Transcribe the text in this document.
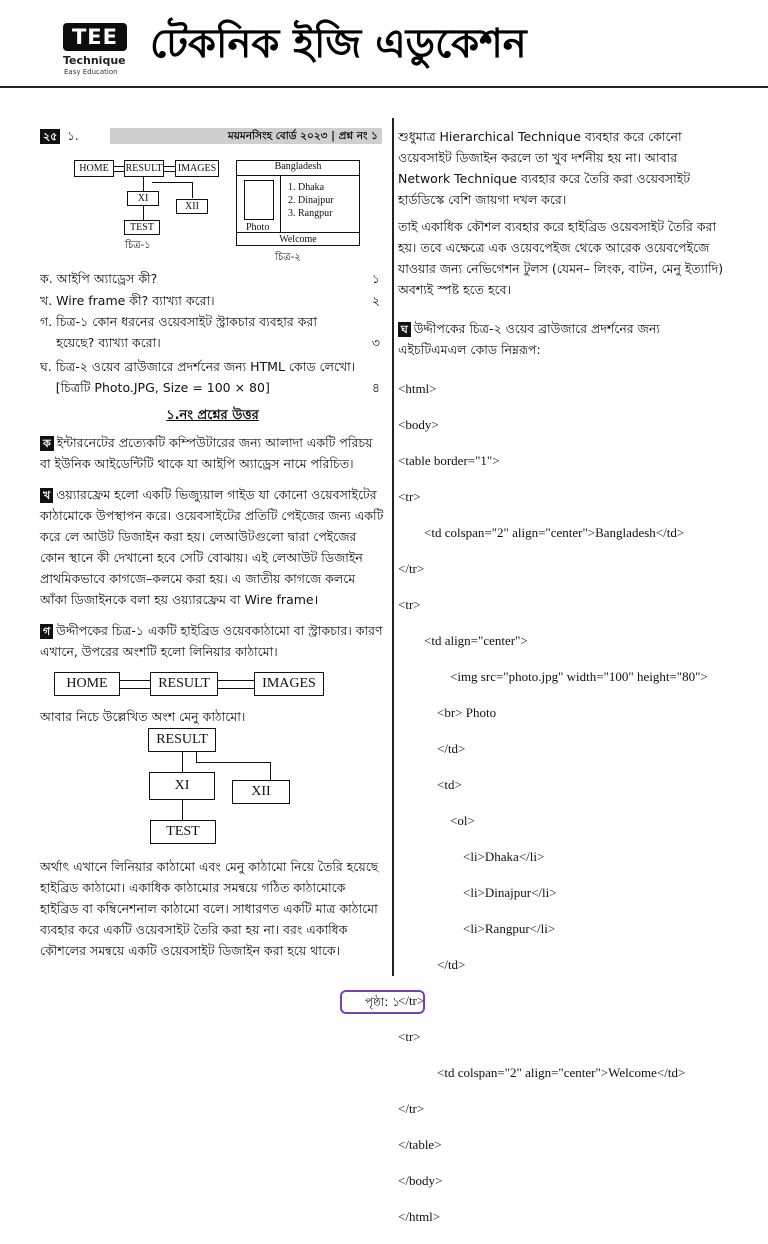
TEE
Technique
Easy Education
টেকনিক ইজি এডুকেশন
২৫ ১.	ময়মনসিংহ বোর্ড ২০২৩ | প্রশ্ন নং ১
HOME	RESULT IMAGES
XI
XII
TEST
চিত্র-১
Bangladesh
Photo
1. Dhaka
2. Dinajpur
3. Rangpur
Welcome
চিত্র-২
ক. আইপি অ্যাড্রেস কী?	১
খ. Wire frame কী? ব্যাখ্যা করো।	২
গ. চিত্র-১ কোন ধরনের ওয়েবসাইট স্ট্রাকচার ব্যবহার করা হয়েছে? ব্যাখ্যা করো।	৩
ঘ. চিত্র-২ ওয়েব ব্রাউজারে প্রদর্শনের জন্য HTML কোড লেখো। [চিত্রটি Photo.JPG, Size = 100 × 80]	৪
১.নং প্রশ্নের উত্তর
ক ইন্টারনেটের প্রত্যেকটি কম্পিউটারের জন্য আলাদা একটি পরিচয় বা ইউনিক আইডেন্টিটি থাকে যা আইপি অ্যাড্রেস নামে পরিচিত।
খ ওয়্যারফ্রেম হলো একটি ভিজ্যুয়াল গাইড যা কোনো ওয়েবসাইটের কাঠামোকে উপস্থাপন করে। ওয়েবসাইটের প্রতিটি পেইজের জন্য একটি করে লে আউট ডিজাইন করা হয়। লেআউটগুলো দ্বারা পেইজের কোন স্থানে কী দেখানো হবে সেটি বোঝায়। এই লেআউট ডিজাইন প্রাথমিকভাবে কাগজে–কলমে করা হয়। এ জাতীয় কাগজে কলমে আঁকা ডিজাইনকে বলা হয় ওয়্যারফ্রেম বা Wire frame।
গ উদ্দীপকের চিত্র-১ একটি হাইব্রিড ওয়েবকাঠামো বা স্ট্রাকচার। কারণ এখানে, উপরের অংশটি হলো লিনিয়ার কাঠামো।
HOME	RESULT	IMAGES
আবার নিচে উল্লেখিত অংশ মেনু কাঠামো।
RESULT
XI	XII
TEST
অর্থাৎ এখানে লিনিয়ার কাঠামো এবং মেনু কাঠামো নিয়ে তৈরি হয়েছে হাইব্রিড কাঠামো। একাধিক কাঠামোর সমন্বয়ে গঠিত কাঠামোকে হাইব্রিড বা কম্বিনেশনাল কাঠামো বলে। সাধারণত একটি মাত্র কাঠামো ব্যবহার করে একটি ওয়েবসাইট তৈরি করা হয় না। বরং একাধিক কৌশলের সমন্বয়ে একটি ওয়েবসাইট ডিজাইন করা হয়ে থাকে।
শুধুমাত্র Hierarchical Technique ব্যবহার করে কোনো ওয়েবসাইট ডিজাইন করলে তা খুব দর্শনীয় হয় না। আবার Network Technique ব্যবহার করে তৈরি করা ওয়েবসাইট হার্ডডিস্কে বেশি জায়গা দখল করে।
তাই একাধিক কৌশল ব্যবহার করে হাইব্রিড ওয়েবসাইট তৈরি করা হয়। তবে এক্ষেত্রে এক ওয়েবপেইজ থেকে আরেক ওয়েবপেইজে যাওয়ার জন্য নেভিগেশন টুলস (যেমন– লিংক, বাটন, মেনু ইত্যাদি) অবশ্যই স্পষ্ট হতে হবে।
ঘ উদ্দীপকের চিত্র-২ ওয়েব ব্রাউজারে প্রদর্শনের জন্য এইচটিএমএল কোড নিম্নরূপ:

<html>

<body>

<table border="1">

<tr>

<td colspan="2" align="center">Bangladesh</td>

</tr>

<tr>

<td align="center">

<img src="photo.jpg" width="100" height="80">

<br> Photo

</td>

<td>

<ol>

<li>Dhaka</li>

<li>Dinajpur</li>

<li>Rangpur</li>

</td>

</tr>

<tr>

<td colspan="2" align="center">Welcome</td>

</tr>

</table>

</body>

</html>

পৃষ্ঠা: ১
